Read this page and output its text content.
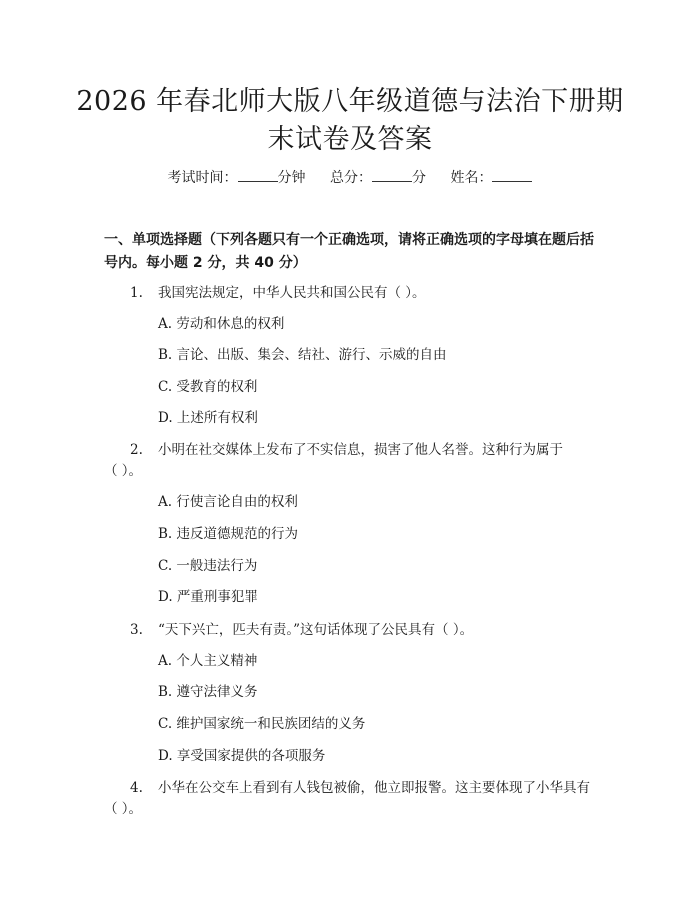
2026 年春北师大版八年级道德与法治下册期
末试卷及答案
考试时间：	分钟 总分：	分 姓名：
一、单项选择题（下列各题只有一个正确选项，请将正确选项的字母填在题后括
号内。每小题 2 分，共 40 分）
1. 我国宪法规定，中华人民共和国公民有（ ）。
A. 劳动和休息的权利
B. 言论、出版、集会、结社、游行、示威的自由
C. 受教育的权利
D. 上述所有权利
2. 小明在社交媒体上发布了不实信息，损害了他人名誉。这种行为属于
（ ）。
A. 行使言论自由的权利
B. 违反道德规范的行为
C. 一般违法行为
D. 严重刑事犯罪
3. “天下兴亡，匹夫有责。”这句话体现了公民具有（ ）。
A. 个人主义精神
B. 遵守法律义务
C. 维护国家统一和民族团结的义务
D. 享受国家提供的各项服务
4. 小华在公交车上看到有人钱包被偷，他立即报警。这主要体现了小华具有
（ ）。
